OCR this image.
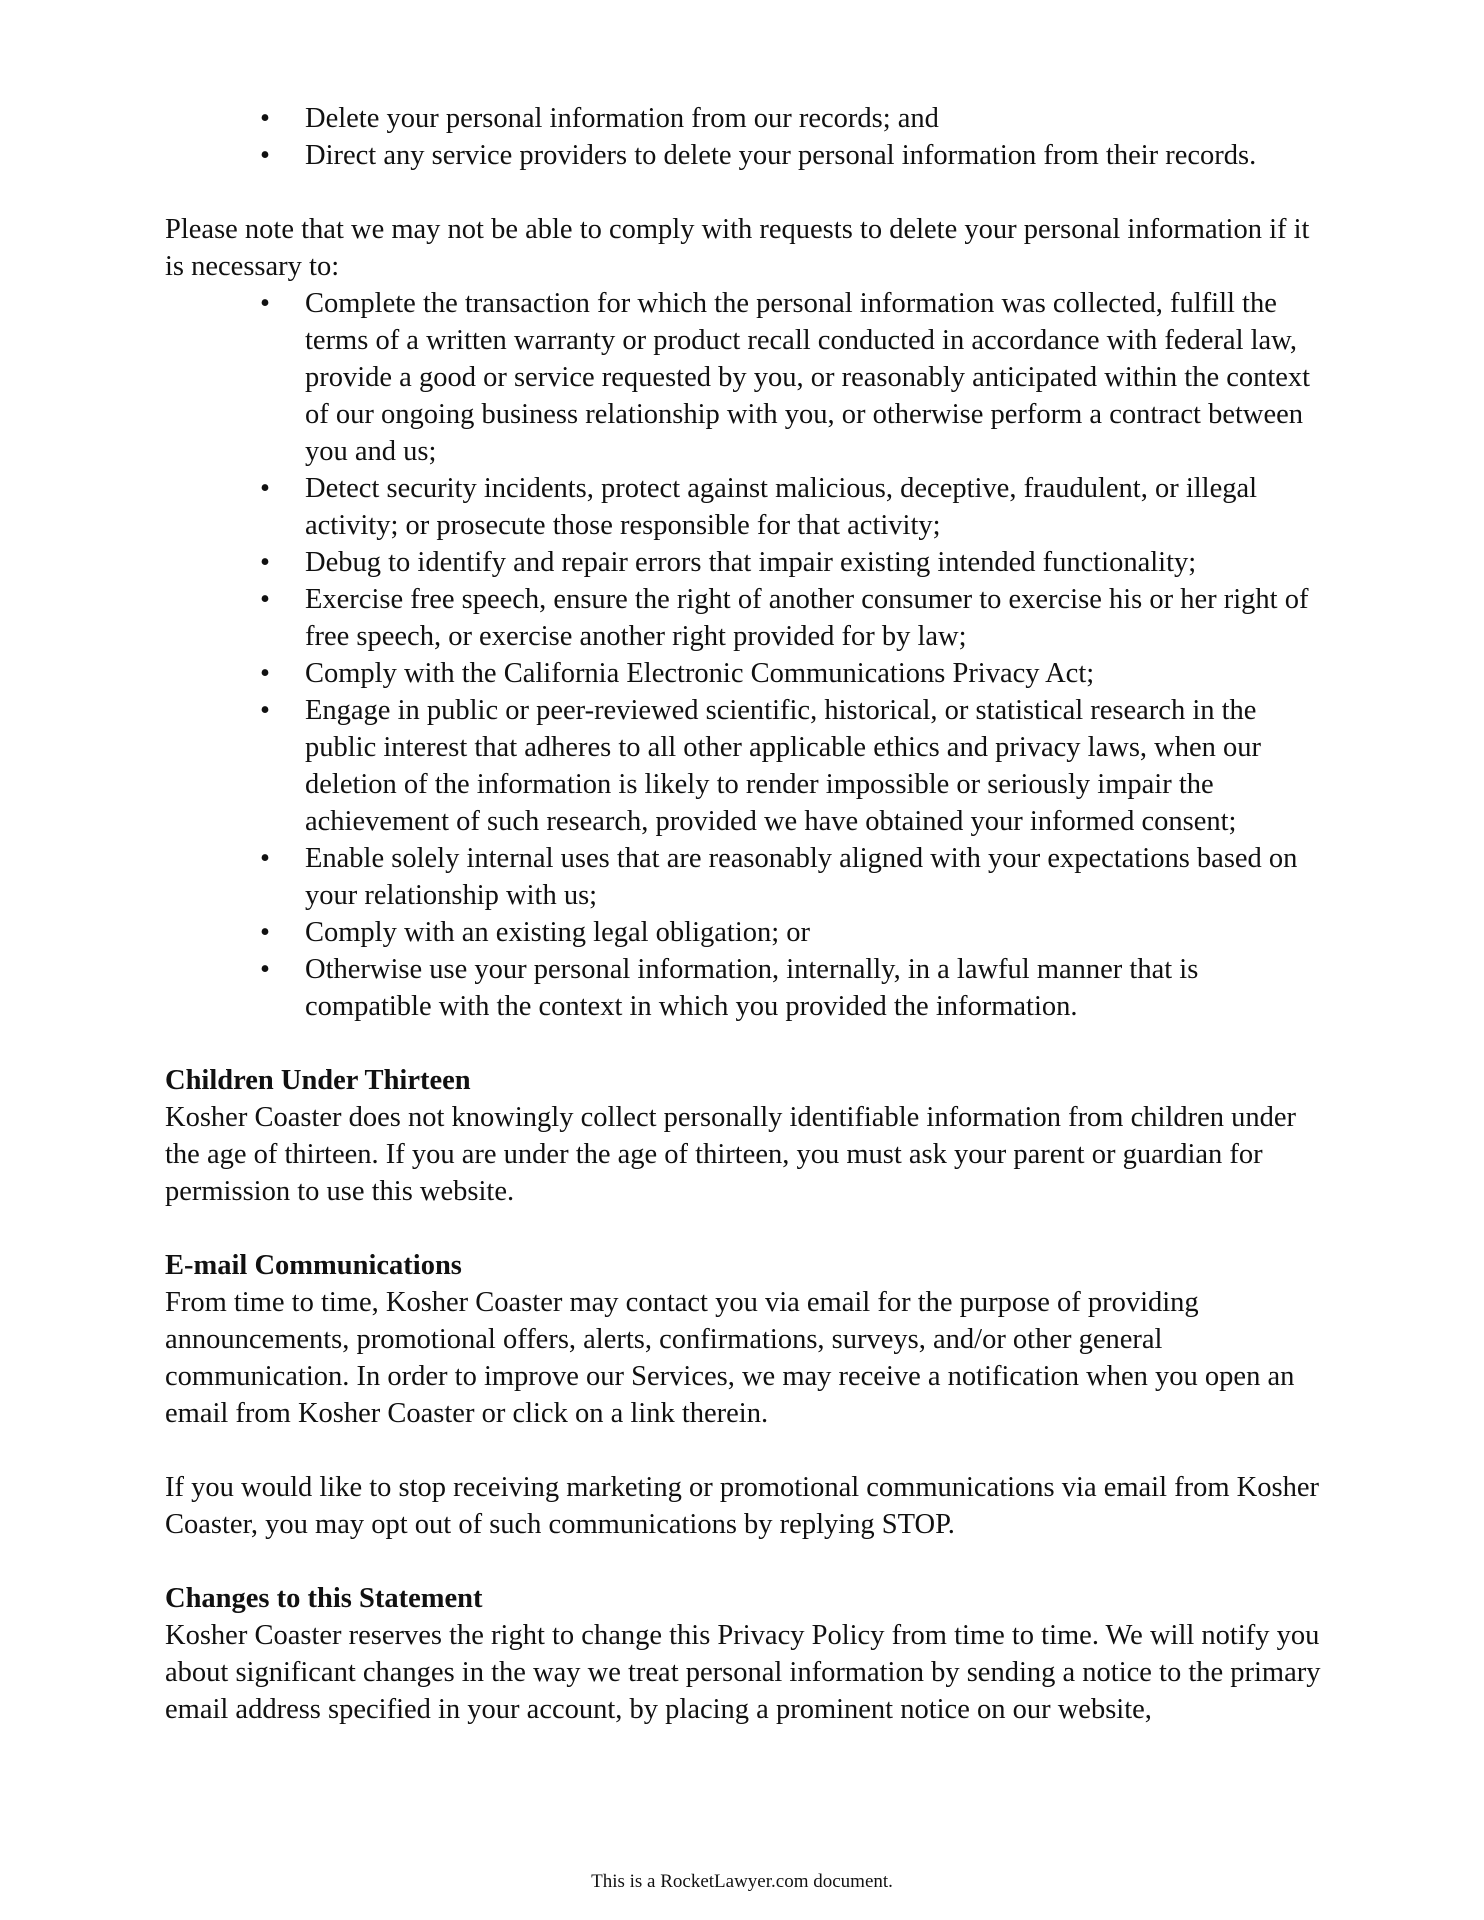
• Delete your personal information from our records; and
• Direct any service providers to delete your personal information from their records.

Please note that we may not be able to comply with requests to delete your personal information if it is necessary to:

• Complete the transaction for which the personal information was collected, fulfill the terms of a written warranty or product recall conducted in accordance with federal law, provide a good or service requested by you, or reasonably anticipated within the context of our ongoing business relationship with you, or otherwise perform a contract between you and us;
• Detect security incidents, protect against malicious, deceptive, fraudulent, or illegal activity; or prosecute those responsible for that activity;
• Debug to identify and repair errors that impair existing intended functionality;
• Exercise free speech, ensure the right of another consumer to exercise his or her right of free speech, or exercise another right provided for by law;
• Comply with the California Electronic Communications Privacy Act;
• Engage in public or peer-reviewed scientific, historical, or statistical research in the public interest that adheres to all other applicable ethics and privacy laws, when our deletion of the information is likely to render impossible or seriously impair the achievement of such research, provided we have obtained your informed consent;
• Enable solely internal uses that are reasonably aligned with your expectations based on your relationship with us;
• Comply with an existing legal obligation; or
• Otherwise use your personal information, internally, in a lawful manner that is compatible with the context in which you provided the information.
Children Under Thirteen

Kosher Coaster does not knowingly collect personally identifiable information from children under the age of thirteen. If you are under the age of thirteen, you must ask your parent or guardian for permission to use this website.

E-mail Communications

From time to time, Kosher Coaster may contact you via email for the purpose of providing announcements, promotional offers, alerts, confirmations, surveys, and/or other general communication. In order to improve our Services, we may receive a notification when you open an email from Kosher Coaster or click on a link therein.

If you would like to stop receiving marketing or promotional communications via email from Kosher Coaster, you may opt out of such communications by replying STOP.

Changes to this Statement

Kosher Coaster reserves the right to change this Privacy Policy from time to time. We will notify you about significant changes in the way we treat personal information by sending a notice to the primary email address specified in your account, by placing a prominent notice on our website,

This is a RocketLawyer.com document.
